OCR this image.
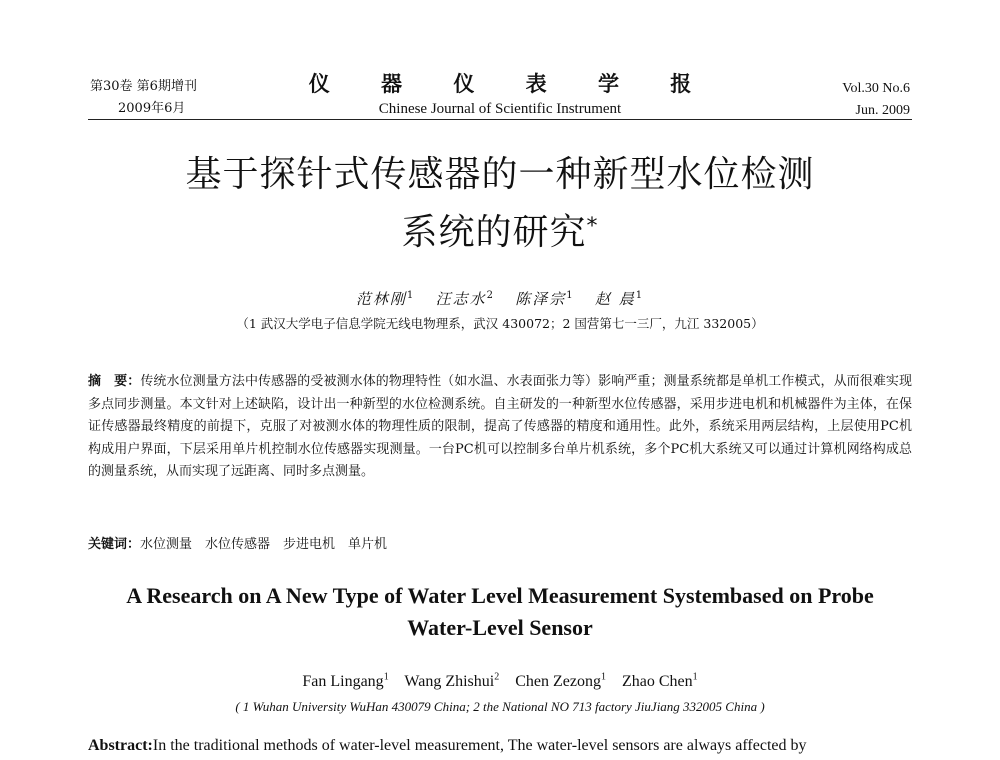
第30卷 第6期增刊
2009年6月
仪 器 仪 表 学 报
Chinese Journal of Scientific Instrument
Vol.30 No.6
Jun. 2009
基于探针式传感器的一种新型水位检测
系统的研究*
范林刚$^1$ 汪志水$^2$ 陈泽宗$^1$ 赵 晨$^1$
（1 武汉大学电子信息学院无线电物理系，武汉 430072；2 国营第七一三厂，九江 332005）
摘　要：传统水位测量方法中传感器的受被测水体的物理特性（如水温、水表面张力等）影响严重；测量系统都是单机工作模式，从而很难实现多点同步测量。本文针对上述缺陷，设计出一种新型的水位检测系统。自主研发的一种新型水位传感器，采用步进电机和机械器件为主体，在保证传感器最终精度的前提下，克服了对被测水体的物理性质的限制，提高了传感器的精度和通用性。此外，系统采用两层结构，上层使用PC机构成用户界面，下层采用单片机控制水位传感器实现测量。一台PC机可以控制多台单片机系统，多个PC机大系统又可以通过计算机网络构成总的测量系统，从而实现了远距离、同时多点测量。
关键词：水位测量　水位传感器　步进电机　单片机
A Research on A New Type of Water Level Measurement Systembased on Probe
Water-Level Sensor
Fan Lingang$^1$ Wang Zhishui$^2$ Chen Zezong$^1$ Zhao Chen$^1$
( 1 Wuhan University WuHan 430079 China; 2 the National NO 713 factory JiuJiang 332005 China )
Abstract:In the traditional methods of water-level measurement, The water-level sensors are always affected by
